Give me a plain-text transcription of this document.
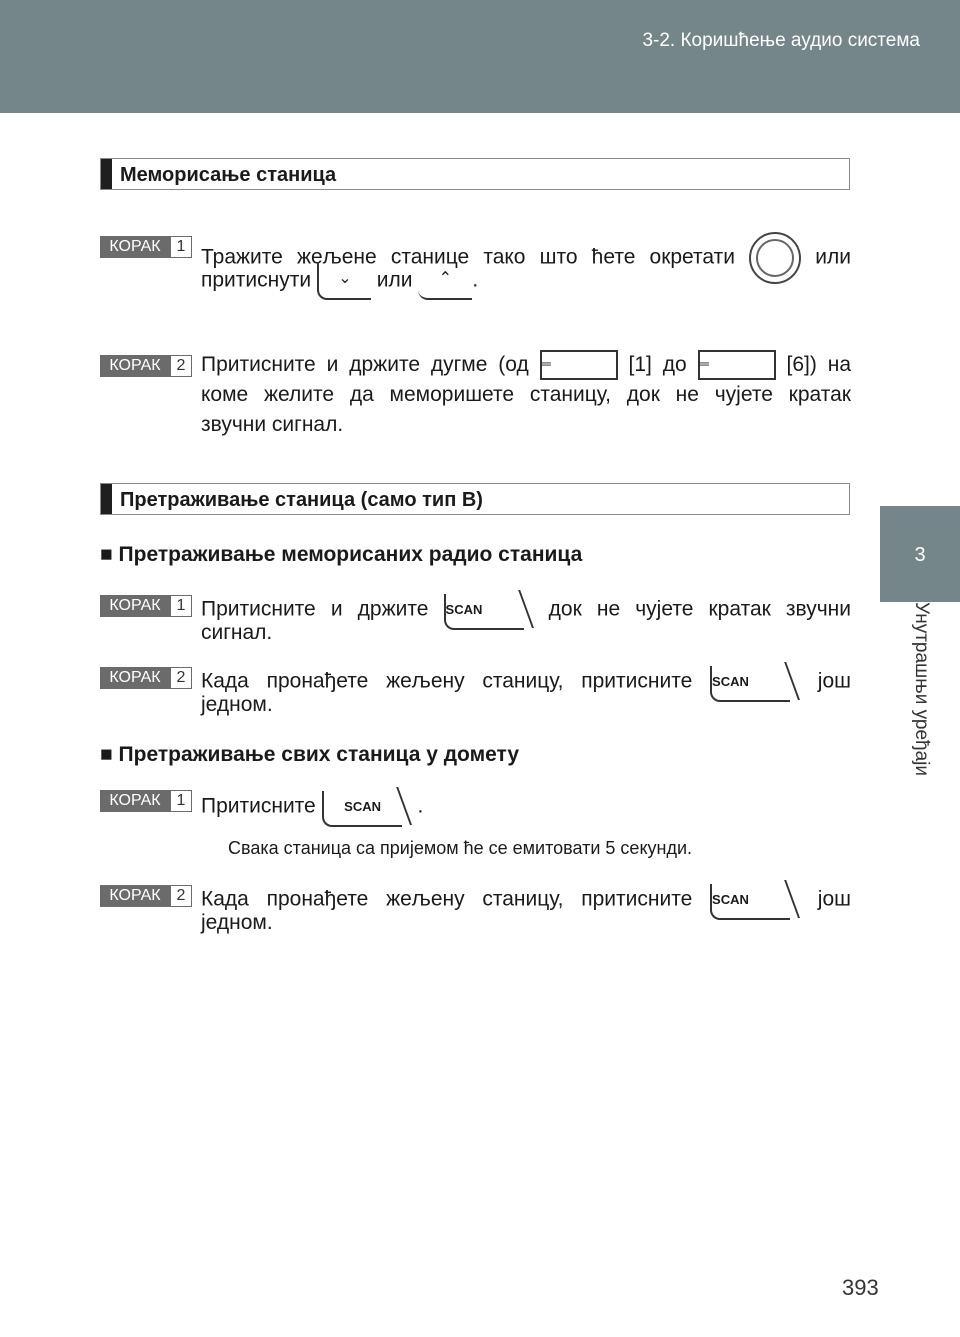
3-2. Коришћење аудио система
3
Унутрашњи уређаји
Меморисање станица
КОРАК 1 Тражите жељене станице тако што ћете окретати	или
притиснути ⌄ или ⌃ .
КОРАК 2 Притисните и држите дугме (од ═	[1] до ═	[6]) на
коме желите да меморишете станицу, док не чујете кратак
звучни сигнал.
Претраживање станица (само тип B)
■ Претраживање меморисаних радио станица
КОРАК 1 Притисните и држите SCAN	док не чујете кратак звучни
сигнал.
КОРАК 2 Када пронађете жељену станицу, притисните SCAN	још
једном.
■ Претраживање свих станица у домету
КОРАК 1 Притисните	SCAN	.
Свака станица са пријемом ће се емитовати 5 секунди.
КОРАК 2 Када пронађете жељену станицу, притисните SCAN	још
једном.
393
